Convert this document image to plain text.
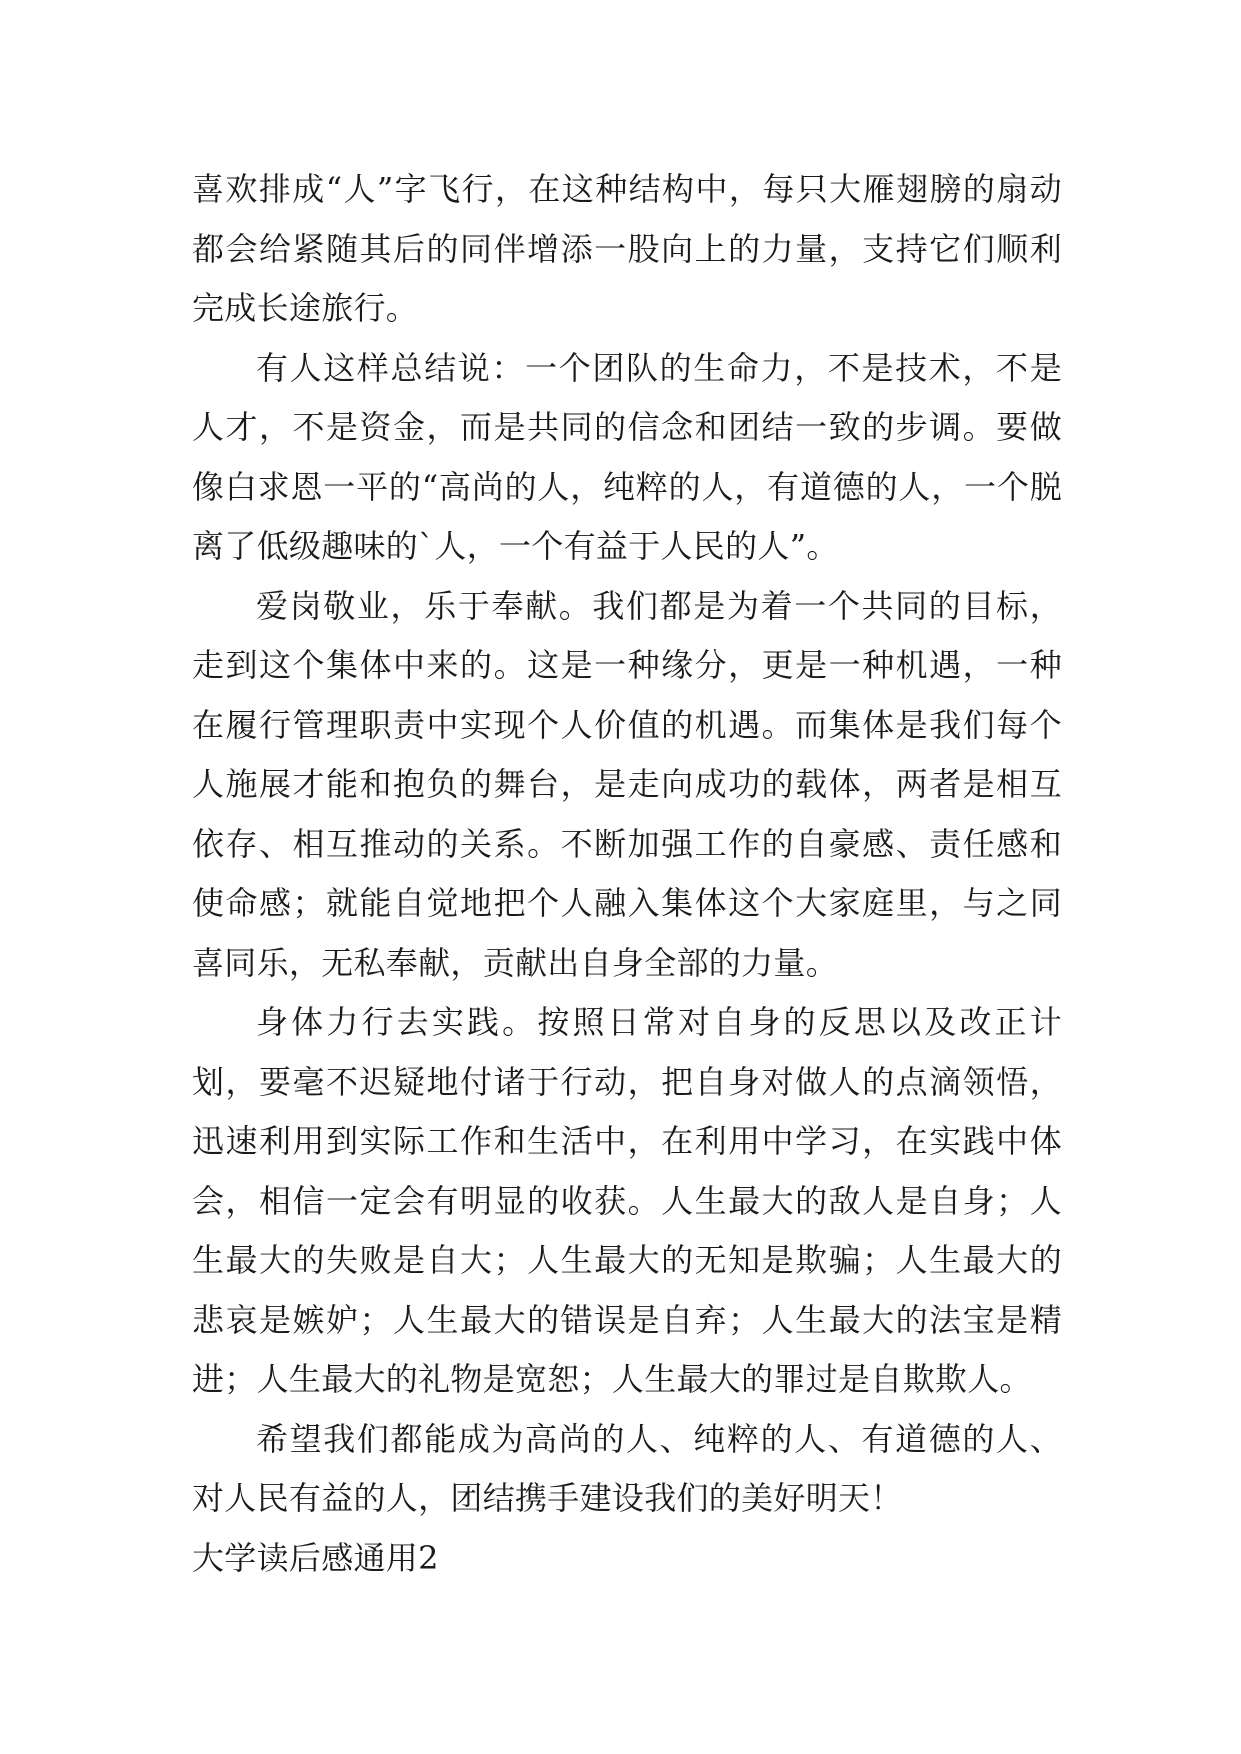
喜欢排成“人”字飞行，在这种结构中，每只大雁翅膀的扇动都会给紧随其后的同伴增添一股向上的力量，支持它们顺利完成长途旅行。

有人这样总结说：一个团队的生命力，不是技术，不是人才，不是资金，而是共同的信念和团结一致的步调。要做像白求恩一平的“高尚的人，纯粹的人，有道德的人，一个脱离了低级趣味的`人，一个有益于人民的人”。

爱岗敬业，乐于奉献。我们都是为着一个共同的目标，走到这个集体中来的。这是一种缘分，更是一种机遇，一种在履行管理职责中实现个人价值的机遇。而集体是我们每个人施展才能和抱负的舞台，是走向成功的载体，两者是相互依存、相互推动的关系。不断加强工作的自豪感、责任感和使命感；就能自觉地把个人融入集体这个大家庭里，与之同喜同乐，无私奉献，贡献出自身全部的力量。

身体力行去实践。按照日常对自身的反思以及改正计划，要毫不迟疑地付诸于行动，把自身对做人的点滴领悟，迅速利用到实际工作和生活中，在利用中学习，在实践中体会，相信一定会有明显的收获。人生最大的敌人是自身；人生最大的失败是自大；人生最大的无知是欺骗；人生最大的悲哀是嫉妒；人生最大的错误是自弃；人生最大的法宝是精进；人生最大的礼物是宽恕；人生最大的罪过是自欺欺人。

希望我们都能成为高尚的人、纯粹的人、有道德的人、对人民有益的人，团结携手建设我们的美好明天！

大学读后感通用2
